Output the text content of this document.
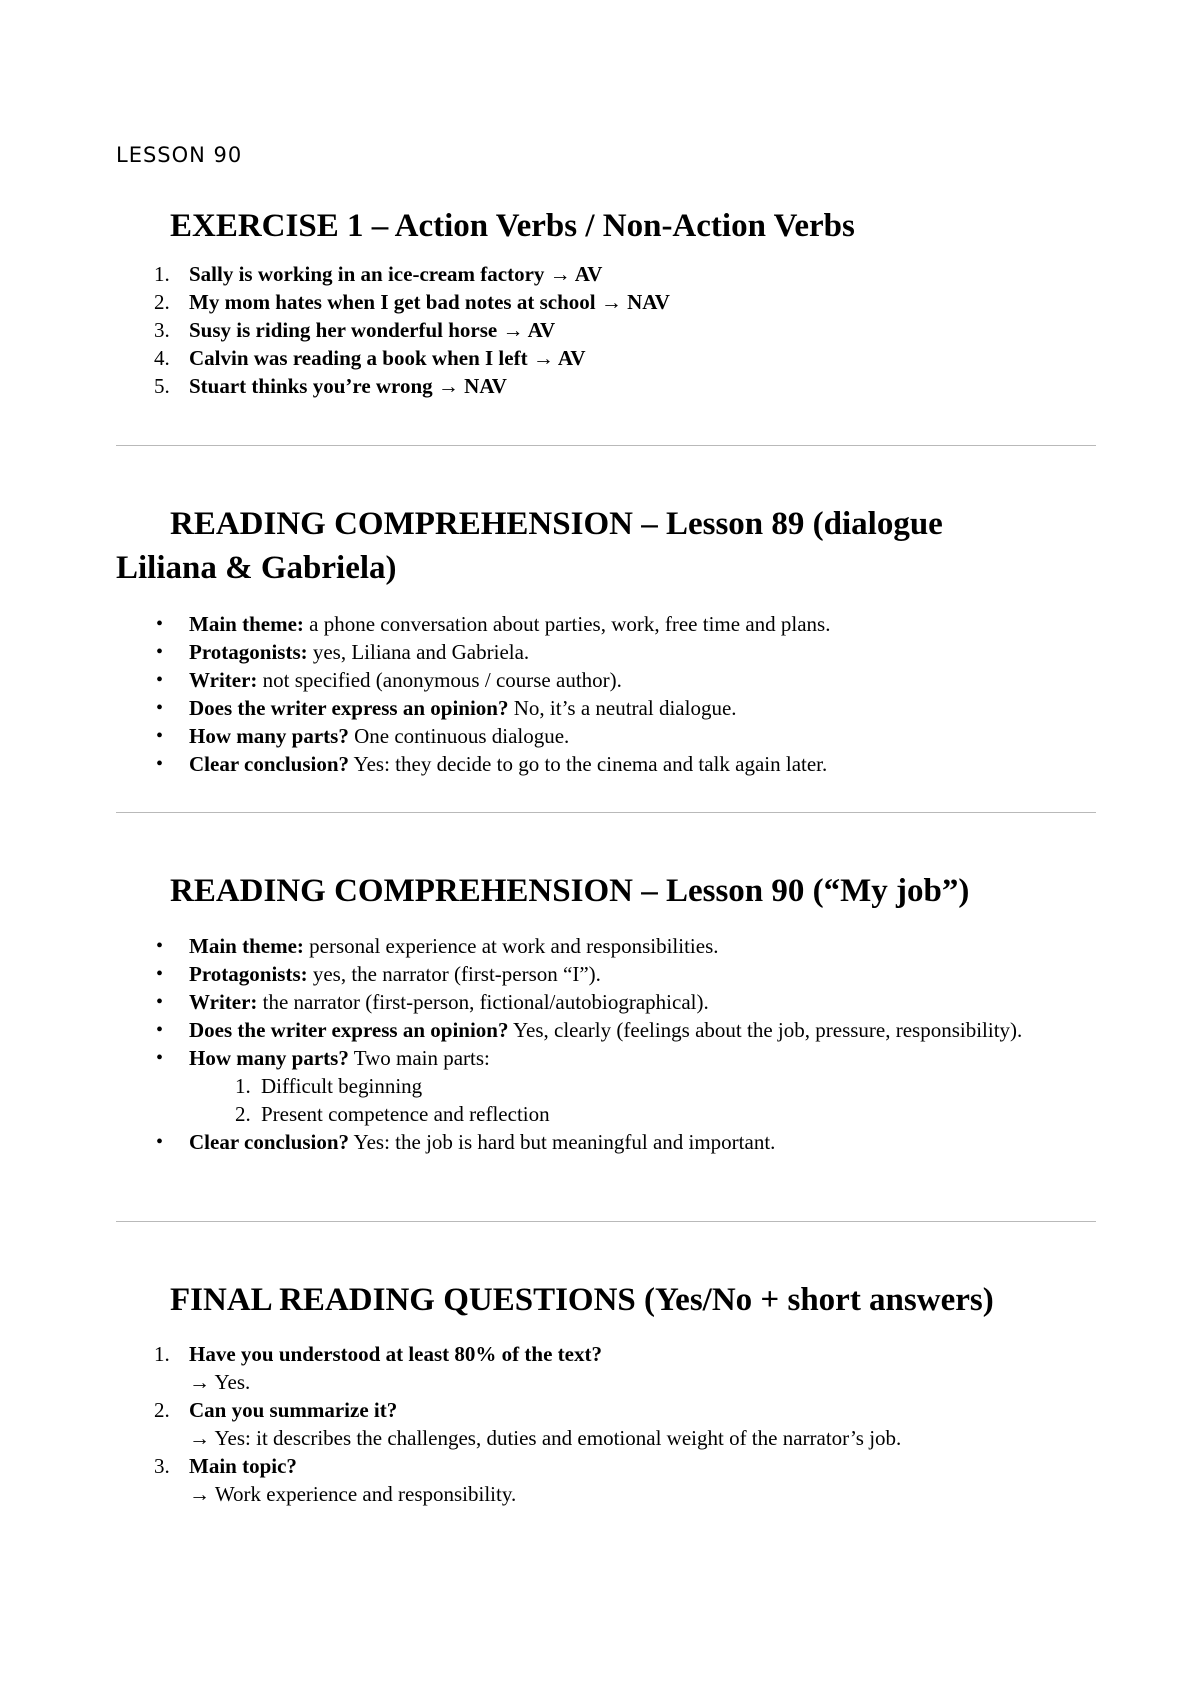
LESSON 90
EXERCISE 1 – Action Verbs / Non-Action Verbs
1. Sally is working in an ice-cream factory → AV
2. My mom hates when I get bad notes at school → NAV
3. Susy is riding her wonderful horse → AV
4. Calvin was reading a book when I left → AV
5. Stuart thinks you’re wrong → NAV
READING COMPREHENSION – Lesson 89 (dialogue
Liliana & Gabriela)
• Main theme: a phone conversation about parties, work, free time and plans.
• Protagonists: yes, Liliana and Gabriela.
• Writer: not specified (anonymous / course author).
• Does the writer express an opinion? No, it’s a neutral dialogue.
• How many parts? One continuous dialogue.
• Clear conclusion? Yes: they decide to go to the cinema and talk again later.
READING COMPREHENSION – Lesson 90 (“My job”)
• Main theme: personal experience at work and responsibilities.
• Protagonists: yes, the narrator (first-person “I”).
• Writer: the narrator (first-person, fictional/autobiographical).
• Does the writer express an opinion? Yes, clearly (feelings about the job, pressure, responsibility).
• How many parts? Two main parts:
1. Difficult beginning
2. Present competence and reflection
• Clear conclusion? Yes: the job is hard but meaningful and important.
FINAL READING QUESTIONS (Yes/No + short answers)
1. Have you understood at least 80% of the text?
→ Yes.
2. Can you summarize it?
→ Yes: it describes the challenges, duties and emotional weight of the narrator’s job.
3. Main topic?
→ Work experience and responsibility.
